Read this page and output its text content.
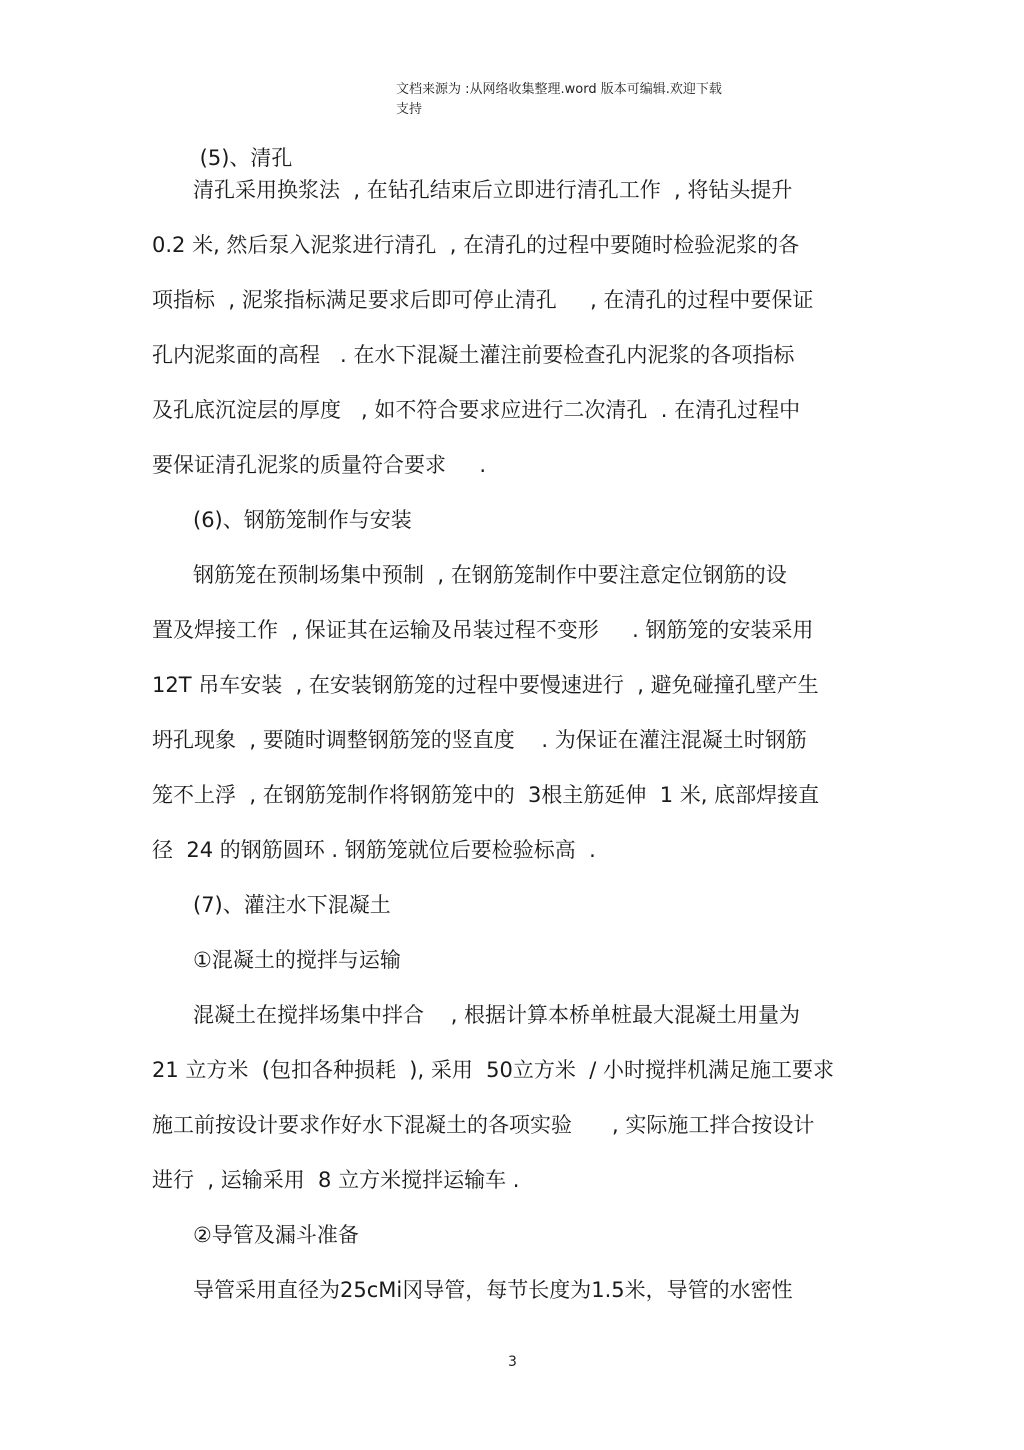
文档来源为 :从网络收集整理.word 版本可编辑.欢迎下载
支持
(5)、清孔
清孔采用换浆法  , 在钻孔结束后立即进行清孔工作  , 将钻头提升
0.2 米, 然后泵入泥浆进行清孔  , 在清孔的过程中要随时检验泥浆的各
项指标  , 泥浆指标满足要求后即可停止清孔     , 在清孔的过程中要保证
孔内泥浆面的高程   . 在水下混凝土灌注前要检查孔内泥浆的各项指标
及孔底沉淀层的厚度   , 如不符合要求应进行二次清孔  . 在清孔过程中
要保证清孔泥浆的质量符合要求     .
(6)、钢筋笼制作与安装
钢筋笼在预制场集中预制  , 在钢筋笼制作中要注意定位钢筋的设
置及焊接工作  , 保证其在运输及吊装过程不变形     . 钢筋笼的安装采用
12T 吊车安装  , 在安装钢筋笼的过程中要慢速进行  , 避免碰撞孔壁产生
坍孔现象  , 要随时调整钢筋笼的竖直度    . 为保证在灌注混凝土时钢筋
笼不上浮  , 在钢筋笼制作将钢筋笼中的  3根主筋延伸  1 米, 底部焊接直
径  24 的钢筋圆环 . 钢筋笼就位后要检验标高  .
(7)、灌注水下混凝土
①混凝土的搅拌与运输
混凝土在搅拌场集中拌合    , 根据计算本桥单桩最大混凝土用量为
21 立方米  (包扣各种损耗  ), 采用  50立方米  / 小时搅拌机满足施工要求
施工前按设计要求作好水下混凝土的各项实验      , 实际施工拌合按设计
进行  , 运输采用  8 立方米搅拌运输车 .
②导管及漏斗准备
导管采用直径为25cMi冈导管，每节长度为1.5米，导管的水密性
3
